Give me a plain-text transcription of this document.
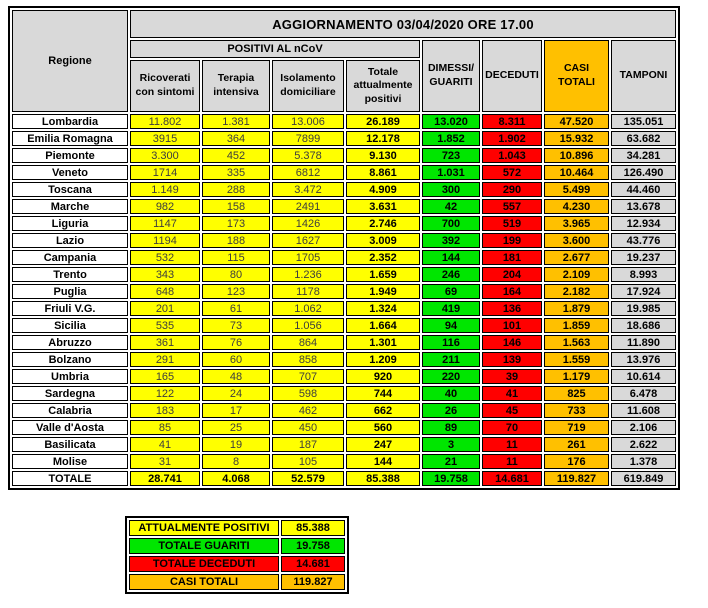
Regione	AGGIORNAMENTO 03/04/2020 ORE 17.00							
	POSITIVI AL nCoV				DIMESSI/ GUARITI	DECEDUTI	CASI TOTALI	TAMPONI
	Ricoverati con sintomi	Terapia intensiva	Isolamento domiciliare	Totale attualmente positivi				
Lombardia	11.802	1.381	13.006	26.189	13.020	8.311	47.520	135.051
Emilia Romagna	3915	364	7899	12.178	1.852	1.902	15.932	63.682
Piemonte	3.300	452	5.378	9.130	723	1.043	10.896	34.281
Veneto	1714	335	6812	8.861	1.031	572	10.464	126.490
Toscana	1.149	288	3.472	4.909	300	290	5.499	44.460
Marche	982	158	2491	3.631	42	557	4.230	13.678
Liguria	1147	173	1426	2.746	700	519	3.965	12.934
Lazio	1194	188	1627	3.009	392	199	3.600	43.776
Campania	532	115	1705	2.352	144	181	2.677	19.237
Trento	343	80	1.236	1.659	246	204	2.109	8.993
Puglia	648	123	1178	1.949	69	164	2.182	17.924
Friuli V.G.	201	61	1.062	1.324	419	136	1.879	19.985
Sicilia	535	73	1.056	1.664	94	101	1.859	18.686
Abruzzo	361	76	864	1.301	116	146	1.563	11.890
Bolzano	291	60	858	1.209	211	139	1.559	13.976
Umbria	165	48	707	920	220	39	1.179	10.614
Sardegna	122	24	598	744	40	41	825	6.478
Calabria	183	17	462	662	26	45	733	11.608
Valle d'Aosta	85	25	450	560	89	70	719	2.106
Basilicata	41	19	187	247	3	11	261	2.622
Molise	31	8	105	144	21	11	176	1.378
TOTALE	28.741	4.068	52.579	85.388	19.758	14.681	119.827	619.849
ATTUALMENTE POSITIVI	85.388
TOTALE GUARITI	19.758
TOTALE DECEDUTI	14.681
CASI TOTALI	119.827
